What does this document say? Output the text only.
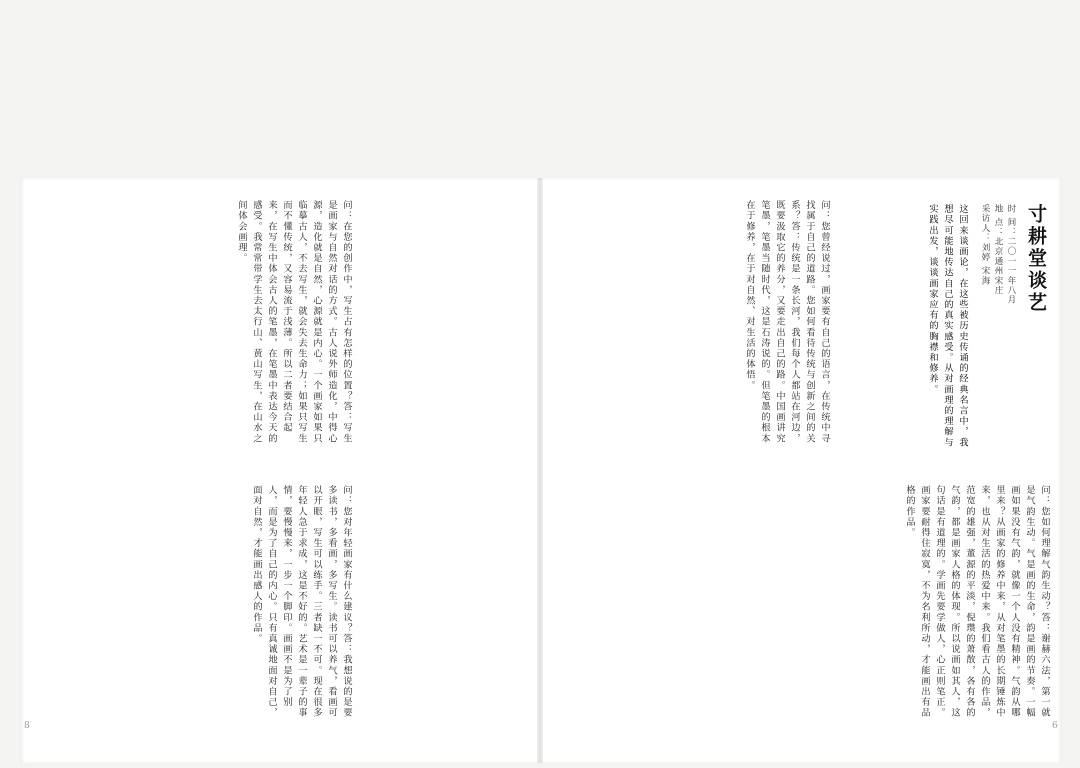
寸耕堂谈艺
时 间：二〇一一年八月
地 点：北京通州宋庄
采访人：刘婷 宋海
这回来谈画论，在这些被历史传诵的经典名言中，我想尽可能地传达自己的真实感受。从对画理的理解与实践出发，谈谈画家应有的胸襟和修养。
问：您曾经说过，画家要有自己的语言，在传统中寻找属于自己的道路。您如何看待传统与创新之间的关系？答：传统是一条长河，我们每个人都站在河边，既要汲取它的养分，又要走出自己的路。中国画讲究笔墨，笔墨当随时代，这是石涛说的。但笔墨的根本在于修养，在于对自然、对生活的体悟。
问：您如何理解气韵生动？答：谢赫六法，第一就是气韵生动。气是画的生命，韵是画的节奏。一幅画如果没有气韵，就像一个人没有精神。气韵从哪里来？从画家的修养中来，从对笔墨的长期锤炼中来，也从对生活的热爱中来。我们看古人的作品，范宽的雄强，董源的平淡，倪瓒的萧散，各有各的气韵，都是画家人格的体现。所以说画如其人，这句话是有道理的。学画先要学做人，心正则笔正。画家要耐得住寂寞，不为名利所动，才能画出有品格的作品。
问：在您的创作中，写生占有怎样的位置？答：写生是画家与自然对话的方式。古人说外师造化，中得心源，造化就是自然，心源就是内心。一个画家如果只临摹古人，不去写生，就会失去生命力；如果只写生而不懂传统，又容易流于浅薄。所以二者要结合起来，在写生中体会古人的笔墨，在笔墨中表达今天的感受。我常常带学生去太行山、黄山写生，在山水之间体会画理。
问：您对年轻画家有什么建议？答：我想说的是要多读书，多看画，多写生。读书可以养气，看画可以开眼，写生可以练手。三者缺一不可。现在很多年轻人急于求成，这是不好的。艺术是一辈子的事情，要慢慢来，一步一个脚印。画画不是为了别人，而是为了自己的内心。只有真诚地面对自己，面对自然，才能画出感人的作品。
8	6
